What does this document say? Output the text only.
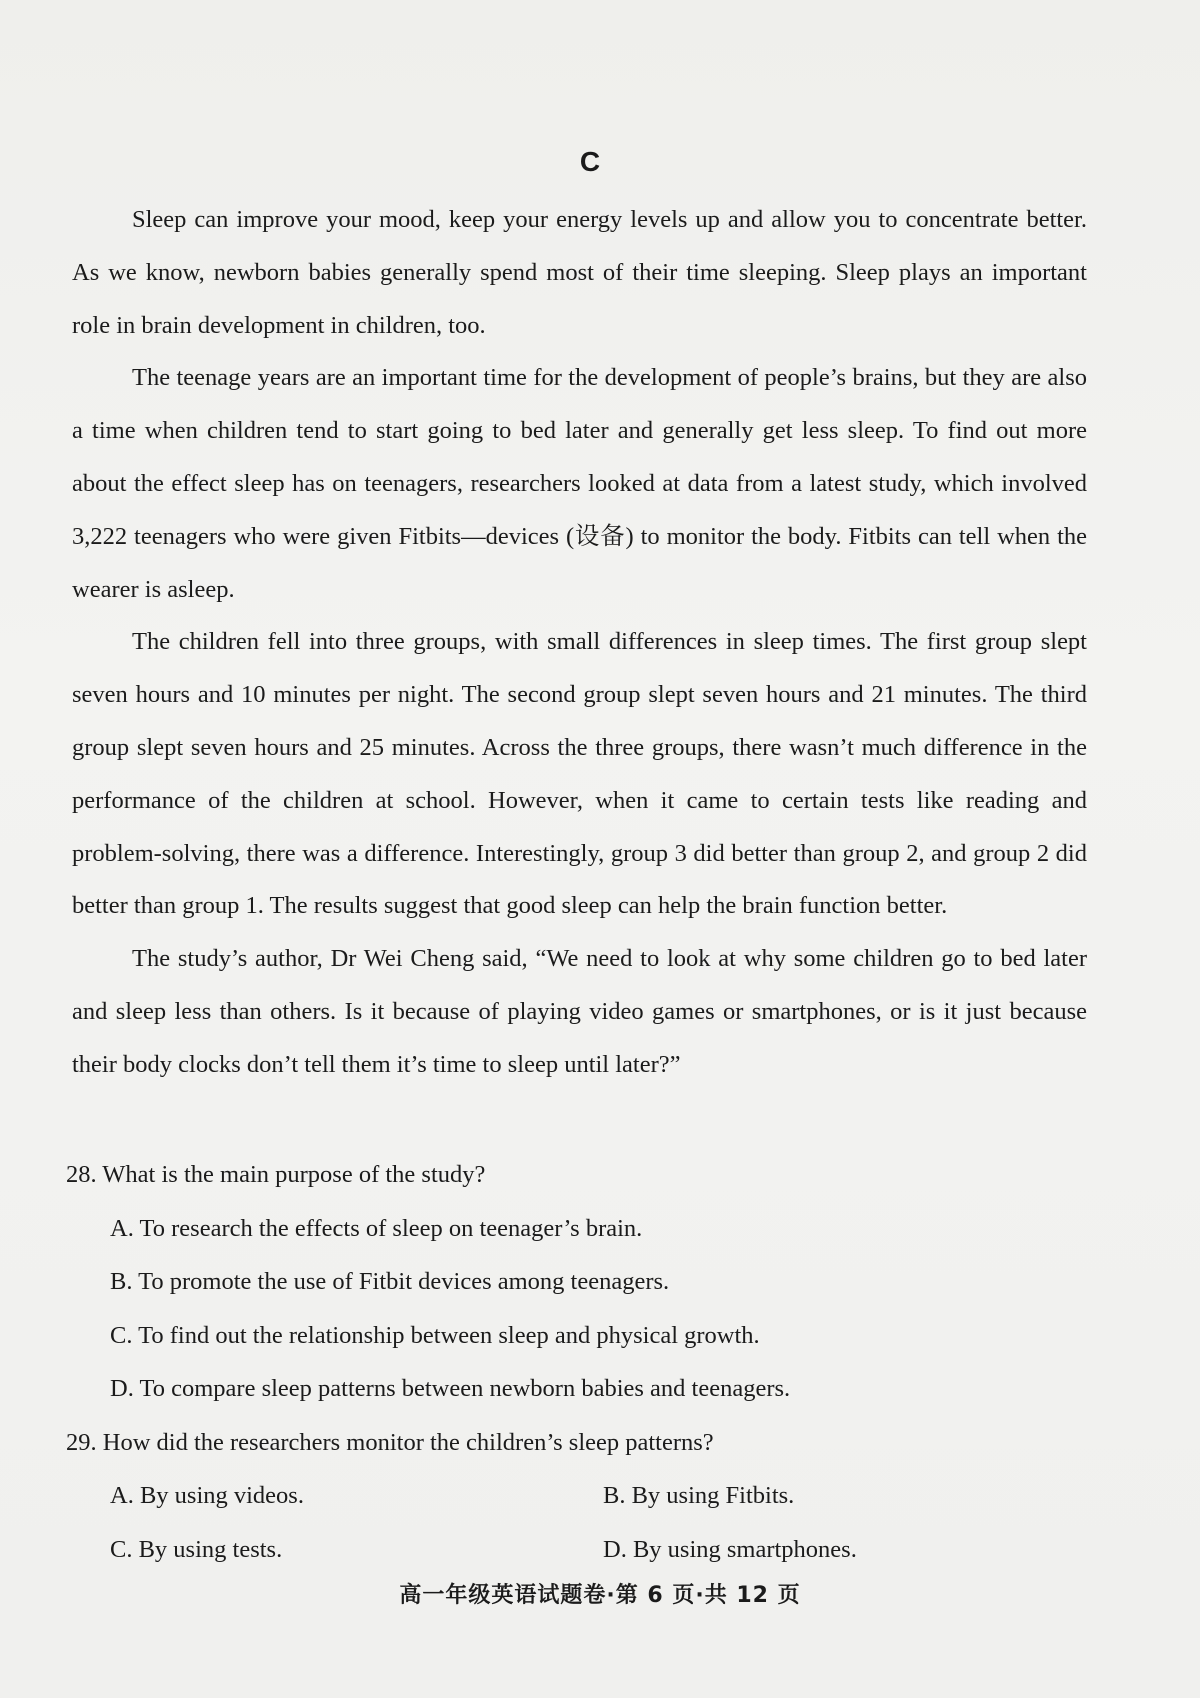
C

Sleep can improve your mood, keep your energy levels up and allow you to concentrate better. As we know, newborn babies generally spend most of their time sleeping. Sleep plays an important role in brain development in children, too.

The teenage years are an important time for the development of people’s brains, but they are also a time when children tend to start going to bed later and generally get less sleep. To find out more about the effect sleep has on teenagers, researchers looked at data from a latest study, which involved 3,222 teenagers who were given Fitbits—devices (设备) to monitor the body. Fitbits can tell when the wearer is asleep.

The children fell into three groups, with small differences in sleep times. The first group slept seven hours and 10 minutes per night. The second group slept seven hours and 21 minutes. The third group slept seven hours and 25 minutes. Across the three groups, there wasn’t much difference in the performance of the children at school. However, when it came to certain tests like reading and problem-solving, there was a difference. Interestingly, group 3 did better than group 2, and group 2 did better than group 1. The results suggest that good sleep can help the brain function better.

The study’s author, Dr Wei Cheng said, “We need to look at why some children go to bed later and sleep less than others. Is it because of playing video games or smartphones, or is it just because their body clocks don’t tell them it’s time to sleep until later?”

28. What is the main purpose of the study?

A. To research the effects of sleep on teenager’s brain.

B. To promote the use of Fitbit devices among teenagers.

C. To find out the relationship between sleep and physical growth.

D. To compare sleep patterns between newborn babies and teenagers.

29. How did the researchers monitor the children’s sleep patterns?

A. By using videos.	B. By using Fitbits.

C. By using tests.	D. By using smartphones.

高一年级英语试题卷·第 6 页·共 12 页
